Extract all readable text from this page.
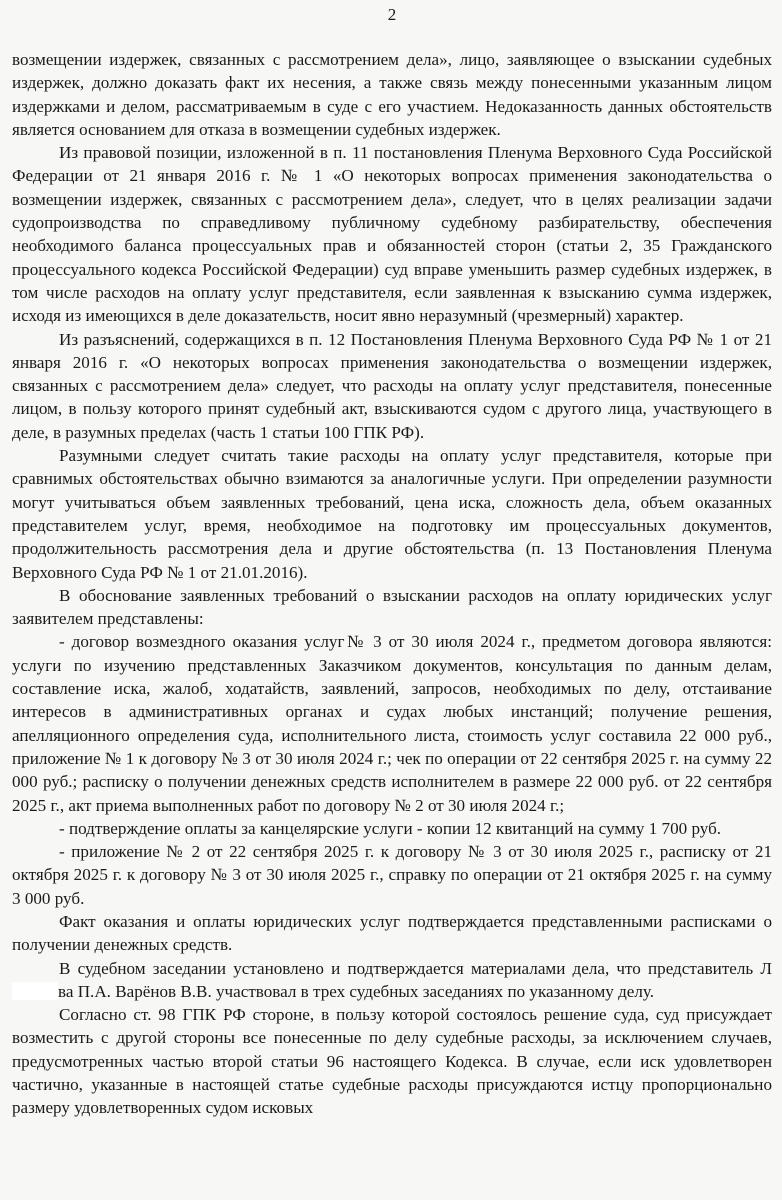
2

возмещении издержек, связанных с рассмотрением дела», лицо, заявляющее о взыскании судебных издержек, должно доказать факт их несения, а также связь между понесенными указанным лицом издержками и делом, рассматриваемым в суде с его участием. Недоказанность данных обстоятельств является основанием для отказа в возмещении судебных издержек.

Из правовой позиции, изложенной в п. 11 постановления Пленума Верховного Суда Российской Федерации от 21 января 2016 г. № 1 «О некоторых вопросах применения законодательства о возмещении издержек, связанных с рассмотрением дела», следует, что в целях реализации задачи судопроизводства по справедливому публичному судебному разбирательству, обеспечения необходимого баланса процессуальных прав и обязанностей сторон (статьи 2, 35 Гражданского процессуального кодекса Российской Федерации) суд вправе уменьшить размер судебных издержек, в том числе расходов на оплату услуг представителя, если заявленная к взысканию сумма издержек, исходя из имеющихся в деле доказательств, носит явно неразумный (чрезмерный) характер.

Из разъяснений, содержащихся в п. 12 Постановления Пленума Верховного Суда РФ № 1 от 21 января 2016 г. «О некоторых вопросах применения законодательства о возмещении издержек, связанных с рассмотрением дела» следует, что расходы на оплату услуг представителя, понесенные лицом, в пользу которого принят судебный акт, взыскиваются судом с другого лица, участвующего в деле, в разумных пределах (часть 1 статьи 100 ГПК РФ).

Разумными следует считать такие расходы на оплату услуг представителя, которые при сравнимых обстоятельствах обычно взимаются за аналогичные услуги. При определении разумности могут учитываться объем заявленных требований, цена иска, сложность дела, объем оказанных представителем услуг, время, необходимое на подготовку им процессуальных документов, продолжительность рассмотрения дела и другие обстоятельства (п. 13 Постановления Пленума Верховного Суда РФ № 1 от 21.01.2016).

В обоснование заявленных требований о взыскании расходов на оплату юридических услуг заявителем представлены:

- договор возмездного оказания услуг№ 3 от 30 июля 2024 г., предметом договора являются: услуги по изучению представленных Заказчиком документов, консультация по данным делам, составление иска, жалоб, ходатайств, заявлений, запросов, необходимых по делу, отстаивание интересов в административных органах и судах любых инстанций; получение решения, апелляционного определения суда, исполнительного листа, стоимость услуг составила 22 000 руб., приложение № 1 к договору № 3 от 30 июля 2024 г.; чек по операции от 22 сентября 2025 г. на сумму 22 000 руб.; расписку о получении денежных средств исполнителем в размере 22 000 руб. от 22 сентября 2025 г., акт приема выполненных работ по договору № 2 от 30 июля 2024 г.;

- подтверждение оплаты за канцелярские услуги - копии 12 квитанций на сумму 1 700 руб.

- приложение № 2 от 22 сентября 2025 г. к договору № 3 от 30 июля 2025 г., расписку от 21 октября 2025 г. к договору № 3 от 30 июля 2025 г., справку по операции от 21 октября 2025 г. на сумму 3 000 руб.

Факт оказания и оплаты юридических услуг подтверждается представленными расписками о получении денежных средств.

В судебном заседании установлено и подтверждается материалами дела, что представитель Лва П.А. Варёнов В.В. участвовал в трех судебных заседаниях по указанному делу.

Согласно ст. 98 ГПК РФ стороне, в пользу которой состоялось решение суда, суд присуждает возместить с другой стороны все понесенные по делу судебные расходы, за исключением случаев, предусмотренных частью второй статьи 96 настоящего Кодекса. В случае, если иск удовлетворен частично, указанные в настоящей статье судебные расходы присуждаются истцу пропорционально размеру удовлетворенных судом исковых
